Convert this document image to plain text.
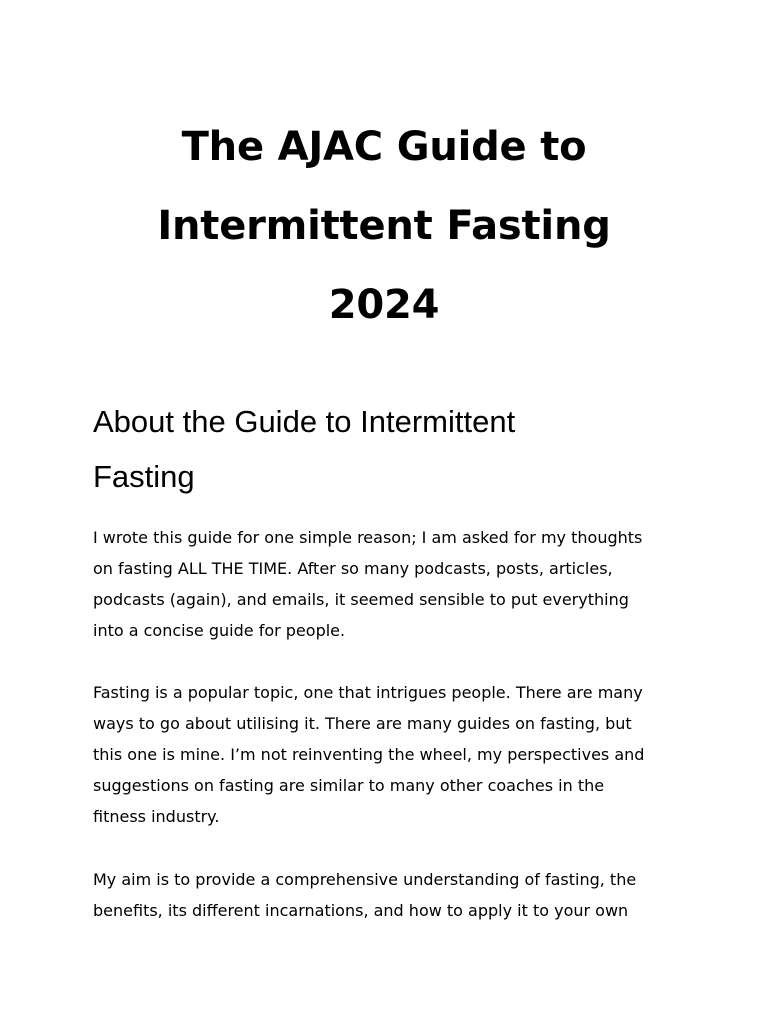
The AJAC Guide to
Intermittent Fasting
2024
About the Guide to Intermittent
Fasting

I wrote this guide for one simple reason; I am asked for my thoughts
on fasting ALL THE TIME. After so many podcasts, posts, articles,
podcasts (again), and emails, it seemed sensible to put everything
into a concise guide for people.

Fasting is a popular topic, one that intrigues people. There are many
ways to go about utilising it. There are many guides on fasting, but
this one is mine. I’m not reinventing the wheel, my perspectives and
suggestions on fasting are similar to many other coaches in the
fitness industry.

My aim is to provide a comprehensive understanding of fasting, the
benefits, its different incarnations, and how to apply it to your own
